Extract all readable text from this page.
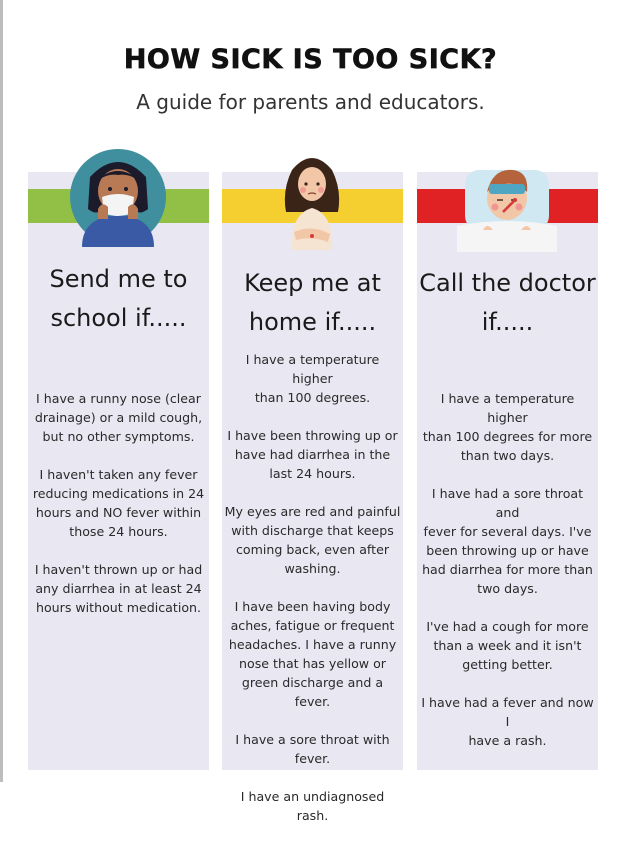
HOW SICK IS TOO SICK?
A guide for parents and educators.
Send me to school if.....

I have a runny nose (clear
drainage) or a mild cough,
but no other symptoms.

I haven't taken any fever
reducing medications in 24
hours and NO fever within
those 24 hours.

I haven't thrown up or had
any diarrhea in at least 24
hours without medication.

Keep me at home if.....

I have a temperature higher
than 100 degrees.

I have been throwing up or
have had diarrhea in the
last 24 hours.

My eyes are red and painful
with discharge that keeps
coming back, even after
washing.

I have been having body
aches, fatigue or frequent
headaches. I have a runny
nose that has yellow or
green discharge and a fever.

I have a sore throat with
fever.

I have an undiagnosed rash.

Call the doctor if.....

I have a temperature higher
than 100 degrees for more
than two days.

I have had a sore throat and
fever for several days. I've
been throwing up or have
had diarrhea for more than
two days.

I've had a cough for more
than a week and it isn't
getting better.

I have had a fever and now I
have a rash.
